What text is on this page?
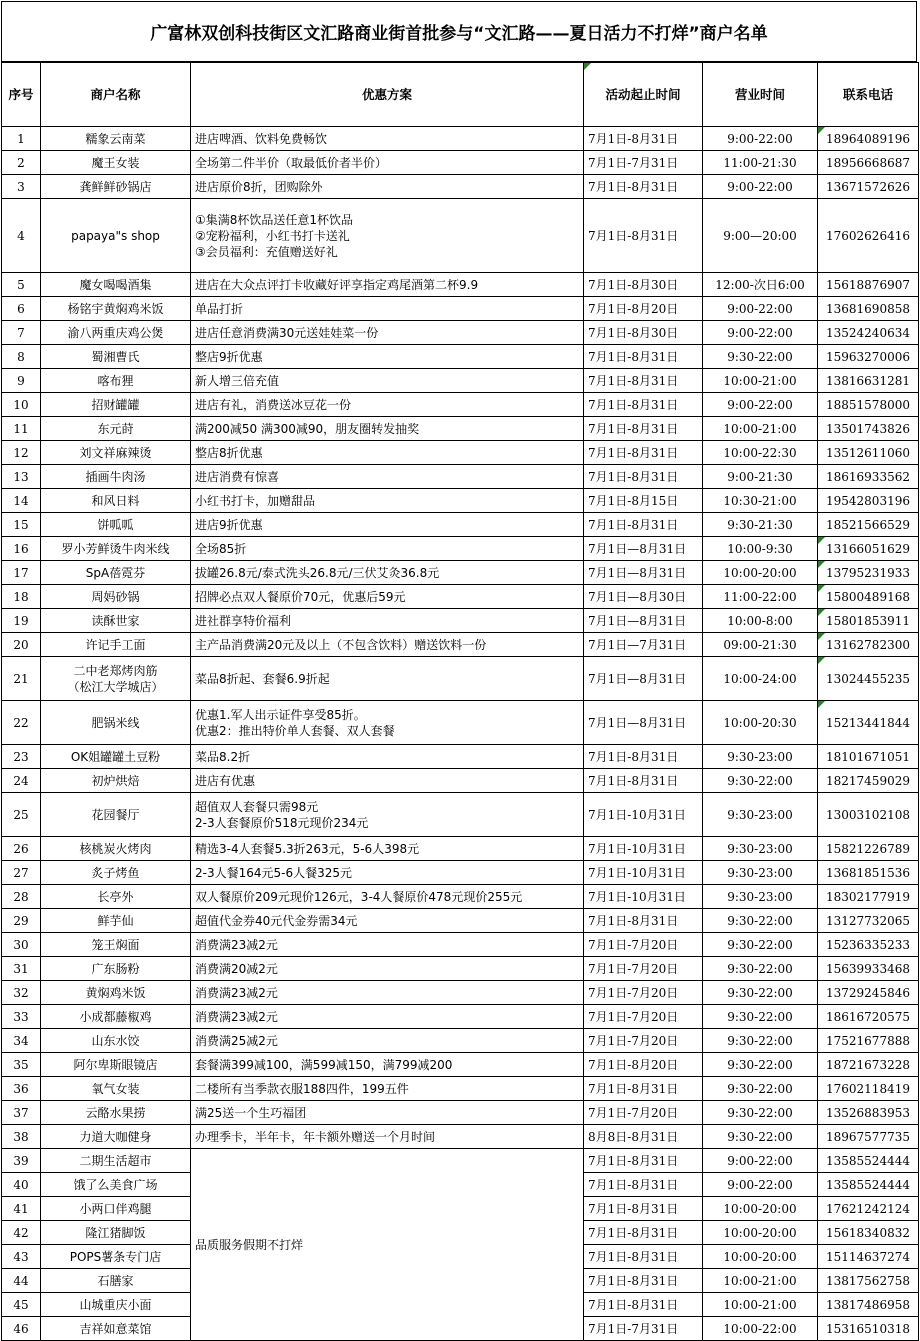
广富林双创科技街区文汇路商业街首批参与“文汇路——夏日活力不打烊”商户名单
序号	商户名称	优惠方案	活动起止时间	营业时间	联系电话
1	糯象云南菜	进店啤酒、饮料免费畅饮	7月1日-8月31日	9:00-22:00	18964089196
2	魔王女装	全场第二件半价（取最低价者半价）	7月1日-7月31日	11:00-21:30	18956668687
3	龚鲜鲜砂锅店	进店原价8折，团购除外	7月1日-8月31日	9:00-22:00	13671572626
4	papaya"s shop	①集满8杯饮品送任意1杯饮品
②宠粉福利，小红书打卡送礼
③会员福利：充值赠送好礼	7月1日-8月31日	9:00—20:00	17602626416
5	魔女喝喝酒集	进店在大众点评打卡收藏好评享指定鸡尾酒第二杯9.9	7月1日-8月30日	12:00-次日6:00	15618876907
6	杨铭宇黄焖鸡米饭	单品打折	7月1日-8月20日	9:00-22:00	13681690858
7	渝八两重庆鸡公煲	进店任意消费满30元送娃娃菜一份	7月1日-8月30日	9:00-22:00	13524240634
8	蜀湘曹氏	整店9折优惠	7月1日-8月31日	9:30-22:00	15963270006
9	喀布狸	新人增三倍充值	7月1日-8月31日	10:00-21:00	13816631281
10	招财罐罐	进店有礼，消费送冰豆花一份	7月1日-8月31日	9:00-22:00	18851578000
11	东元莳	满200减50 满300减90，朋友圈转发抽奖	7月1日-8月31日	10:00-21:00	13501743826
12	刘文祥麻辣烫	整店8折优惠	7月1日-8月31日	10:00-22:30	13512611060
13	插画牛肉汤	进店消费有惊喜	7月1日-8月31日	9:00-21:30	18616933562
14	和风日料	小红书打卡，加赠甜品	7月1日-8月15日	10:30-21:00	19542803196
15	饼呱呱	进店9折优惠	7月1日-8月31日	9:30-21:30	18521566529
16	罗小芳鲜烫牛肉米线	全场85折	7月1日—8月31日	10:00-9:30	13166051629
17	SpA蓓霓芬	拔罐26.8元/泰式洗头26.8元/三伏艾灸36.8元	7月1日—8月31日	10:00-20:00	13795231933
18	周妈砂锅	招牌必点双人餐原价70元，优惠后59元	7月1日—8月30日	11:00-22:00	15800489168
19	读酥世家	进社群享特价福利	7月1日—8月31日	10:00-8:00	15801853911
20	许记手工面	主产品消费满20元及以上（不包含饮料）赠送饮料一份	7月1日—7月31日	09:00-21:30	13162782300
21	二中老郑烤肉筋
（松江大学城店）	菜品8折起、套餐6.9折起	7月1日—8月31日	10:00-24:00	13024455235
22	肥锅米线	优惠1.军人出示证件享受85折。
优惠2：推出特价单人套餐、双人套餐	7月1日—8月31日	10:00-20:30	15213441844
23	OK姐罐罐土豆粉	菜品8.2折	7月1日-8月31日	9:30-23:00	18101671051
24	初炉烘焙	进店有优惠	7月1日-8月31日	9:30-22:00	18217459029
25	花园餐厅	超值双人套餐只需98元
2-3人套餐原价518元现价234元	7月1日-10月31日	9:30-23:00	13003102108
26	核桃炭火烤肉	精选3-4人套餐5.3折263元，5-6人398元	7月1日-10月31日	9:30-23:00	15821226789
27	炙子烤鱼	2-3人餐164元5-6人餐325元	7月1日-10月31日	9:30-23:00	13681851536
28	长亭外	双人餐原价209元现价126元，3-4人餐原价478元现价255元	7月1日-10月31日	9:30-23:00	18302177919
29	鲜芋仙	超值代金券40元代金券需34元	7月1日-8月31日	9:30-22:00	13127732065
30	笼王焖面	消费满23减2元	7月1日-7月20日	9:30-22:00	15236335233
31	广东肠粉	消费满20减2元	7月1日-7月20日	9:30-22:00	15639933468
32	黄焖鸡米饭	消费满23减2元	7月1日-7月20日	9:30-22:00	13729245846
33	小成都藤椒鸡	消费满23减2元	7月1日-7月20日	9:30-22:00	18616720575
34	山东水饺	消费满25减2元	7月1日-7月20日	9:30-22:00	17521677888
35	阿尔卑斯眼镜店	套餐满399减100，满599减150，满799减200	7月1日-8月20日	9:30-22:00	18721673228
36	氧气女装	二楼所有当季款衣服188四件，199五件	7月1日-8月31日	9:30-22:00	17602118419
37	云酪水果捞	满25送一个生巧福团	7月1日-7月20日	9:30-22:00	13526883953
38	力道大咖健身	办理季卡，半年卡，年卡额外赠送一个月时间	8月8日-8月31日	9:30-22:00	18967577735
39	二期生活超市	品质服务假期不打烊	7月1日-8月31日	9:00-22:00	13585524444
40	饿了么美食广场		7月1日-8月31日	9:00-22:00	13585524444
41	小两口伴鸡腿		7月1日-8月31日	10:00-20:00	17621242124
42	隆江猪脚饭		7月1日-8月31日	10:00-20:00	15618340832
43	POPS薯条专门店		7月1日-8月31日	10:00-20:00	15114637274
44	石膳家		7月1日-8月31日	10:00-21:00	13817562758
45	山城重庆小面		7月1日-8月31日	10:00-21:00	13817486958
46	吉祥如意菜馆		7月1日-7月31日	10:00-22:00	15316510318
